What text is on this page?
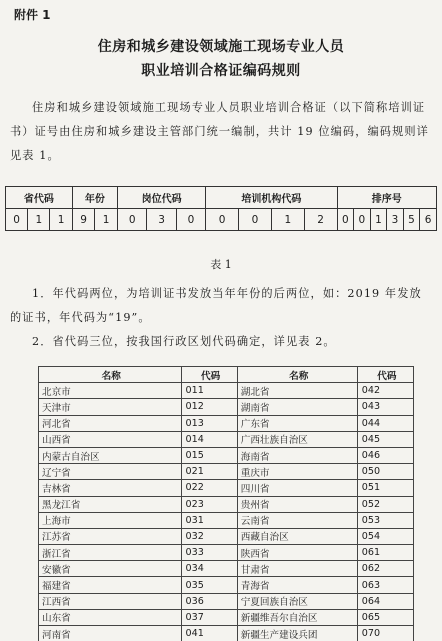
附件 1
住房和城乡建设领域施工现场专业人员
职业培训合格证编码规则
住房和城乡建设领域施工现场专业人员职业培训合格证（以下简称培训证书）证号由住房和城乡建设主管部门统一编制，共计 19 位编码，编码规则详见表 1。
省代码			年份		岗位代码			培训机构代码				排序号					
0	1	1	9	1	0	3	0	0	0	1	2	0	0	1	3	5	6
表 1
1．年代码两位，为培训证书发放当年年份的后两位，如：2019 年发放的证书，年代码为“19”。
2．省代码三位，按我国行政区划代码确定，详见表 2。
名称	代码	名称	代码
北京市	011	湖北省	042
天津市	012	湖南省	043
河北省	013	广东省	044
山西省	014	广西壮族自治区	045
内蒙古自治区	015	海南省	046
辽宁省	021	重庆市	050
吉林省	022	四川省	051
黑龙江省	023	贵州省	052
上海市	031	云南省	053
江苏省	032	西藏自治区	054
浙江省	033	陕西省	061
安徽省	034	甘肃省	062
福建省	035	青海省	063
江西省	036	宁夏回族自治区	064
山东省	037	新疆维吾尔自治区	065
河南省	041	新疆生产建设兵团	070
